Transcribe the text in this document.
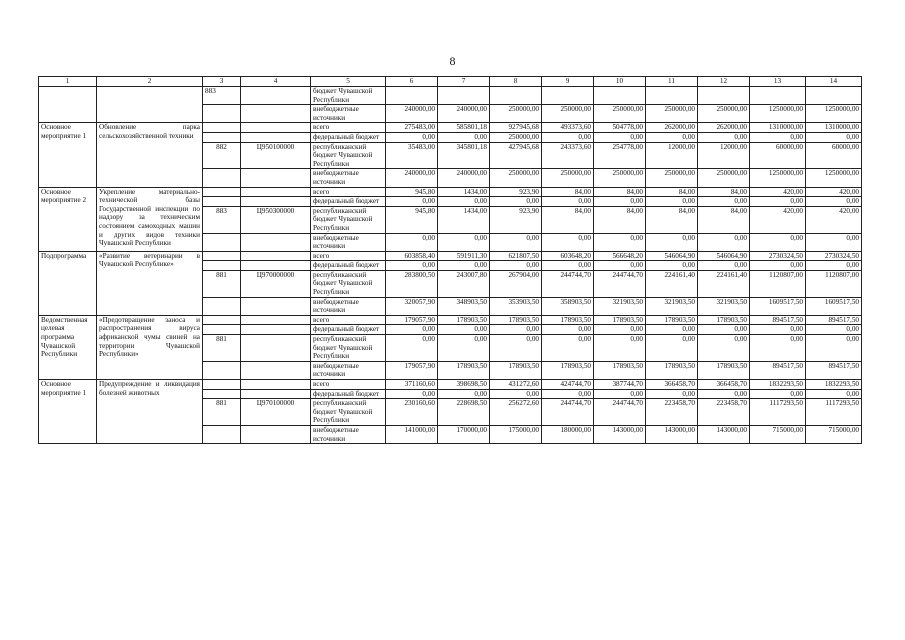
8
1	2	3	4	5	6	7	8	9	10	11	12	13	14
		883		бюджет Чувашской Республики									
				внебюджетные источники	240000,00	240000,00	250000,00	250000,00	250000,00	250000,00	250000,00	1250000,00	1250000,00
Основное мероприятие 1	Обновление парка сельскохозяйственной техники			всего	275483,00	585801,18	927945,68	493373,60	504778,00	262000,00	262000,00	1310000,00	1310000,00
				федеральный бюджет	0,00	0,00	250000,00	0,00	0,00	0,00	0,00	0,00	0,00
		882	Ц950100000	республиканский бюджет Чувашской Республики	35483,00	345801,18	427945,68	243373,60	254778,00	12000,00	12000,00	60000,00	60000,00
				внебюджетные источники	240000,00	240000,00	250000,00	250000,00	250000,00	250000,00	250000,00	1250000,00	1250000,00
Основное мероприятие 2	Укрепление материально-технической базы Государственной инспекции по надзору за техническим состоянием самоходных машин и других видов техники Чувашской Республики			всего	945,80	1434,00	923,90	84,00	84,00	84,00	84,00	420,00	420,00
				федеральный бюджет	0,00	0,00	0,00	0,00	0,00	0,00	0,00	0,00	0,00
		883	Ц950300000	республиканский бюджет Чувашской Республики	945,80	1434,00	923,90	84,00	84,00	84,00	84,00	420,00	420,00
				внебюджетные источники	0,00	0,00	0,00	0,00	0,00	0,00	0,00	0,00	0,00
Подпрограмма	«Развитие ветеринарии в Чувашской Республике»			всего	603858,40	591911,30	621807,50	603648,20	566648,20	546064,90	546064,90	2730324,50	2730324,50
				федеральный бюджет	0,00	0,00	0,00	0,00	0,00	0,00	0,00	0,00	0,00
		881	Ц970000000	республиканский бюджет Чувашской Республики	283800,50	243007,80	267904,00	244744,70	244744,70	224161,40	224161,40	1120807,00	1120807,00
				внебюджетные источники	320057,90	348903,50	353903,50	358903,50	321903,50	321903,50	321903,50	1609517,50	1609517,50
Ведомственная целевая программа Чувашской Республики	«Предотвращение заноса и распространения вируса африканской чумы свиней на территории Чувашской Республики»			всего	179057,90	178903,50	178903,50	178903,50	178903,50	178903,50	178903,50	894517,50	894517,50
				федеральный бюджет	0,00	0,00	0,00	0,00	0,00	0,00	0,00	0,00	0,00
		881		республиканский бюджет Чувашской Республики	0,00	0,00	0,00	0,00	0,00	0,00	0,00	0,00	0,00
				внебюджетные источники	179057,90	178903,50	178903,50	178903,50	178903,50	178903,50	178903,50	894517,50	894517,50
Основное мероприятие 1	Предупреждение и ликвидация болезней животных			всего	371160,60	398698,50	431272,60	424744,70	387744,70	366458,70	366458,70	1832293,50	1832293,50
				федеральный бюджет	0,00	0,00	0,00	0,00	0,00	0,00	0,00	0,00	0,00
		881	Ц970100000	республиканский бюджет Чувашской Республики	230160,60	228698,50	256272,60	244744,70	244744,70	223458,70	223458,70	1117293,50	1117293,50
				внебюджетные источники	141000,00	170000,00	175000,00	180000,00	143000,00	143000,00	143000,00	715000,00	715000,00
